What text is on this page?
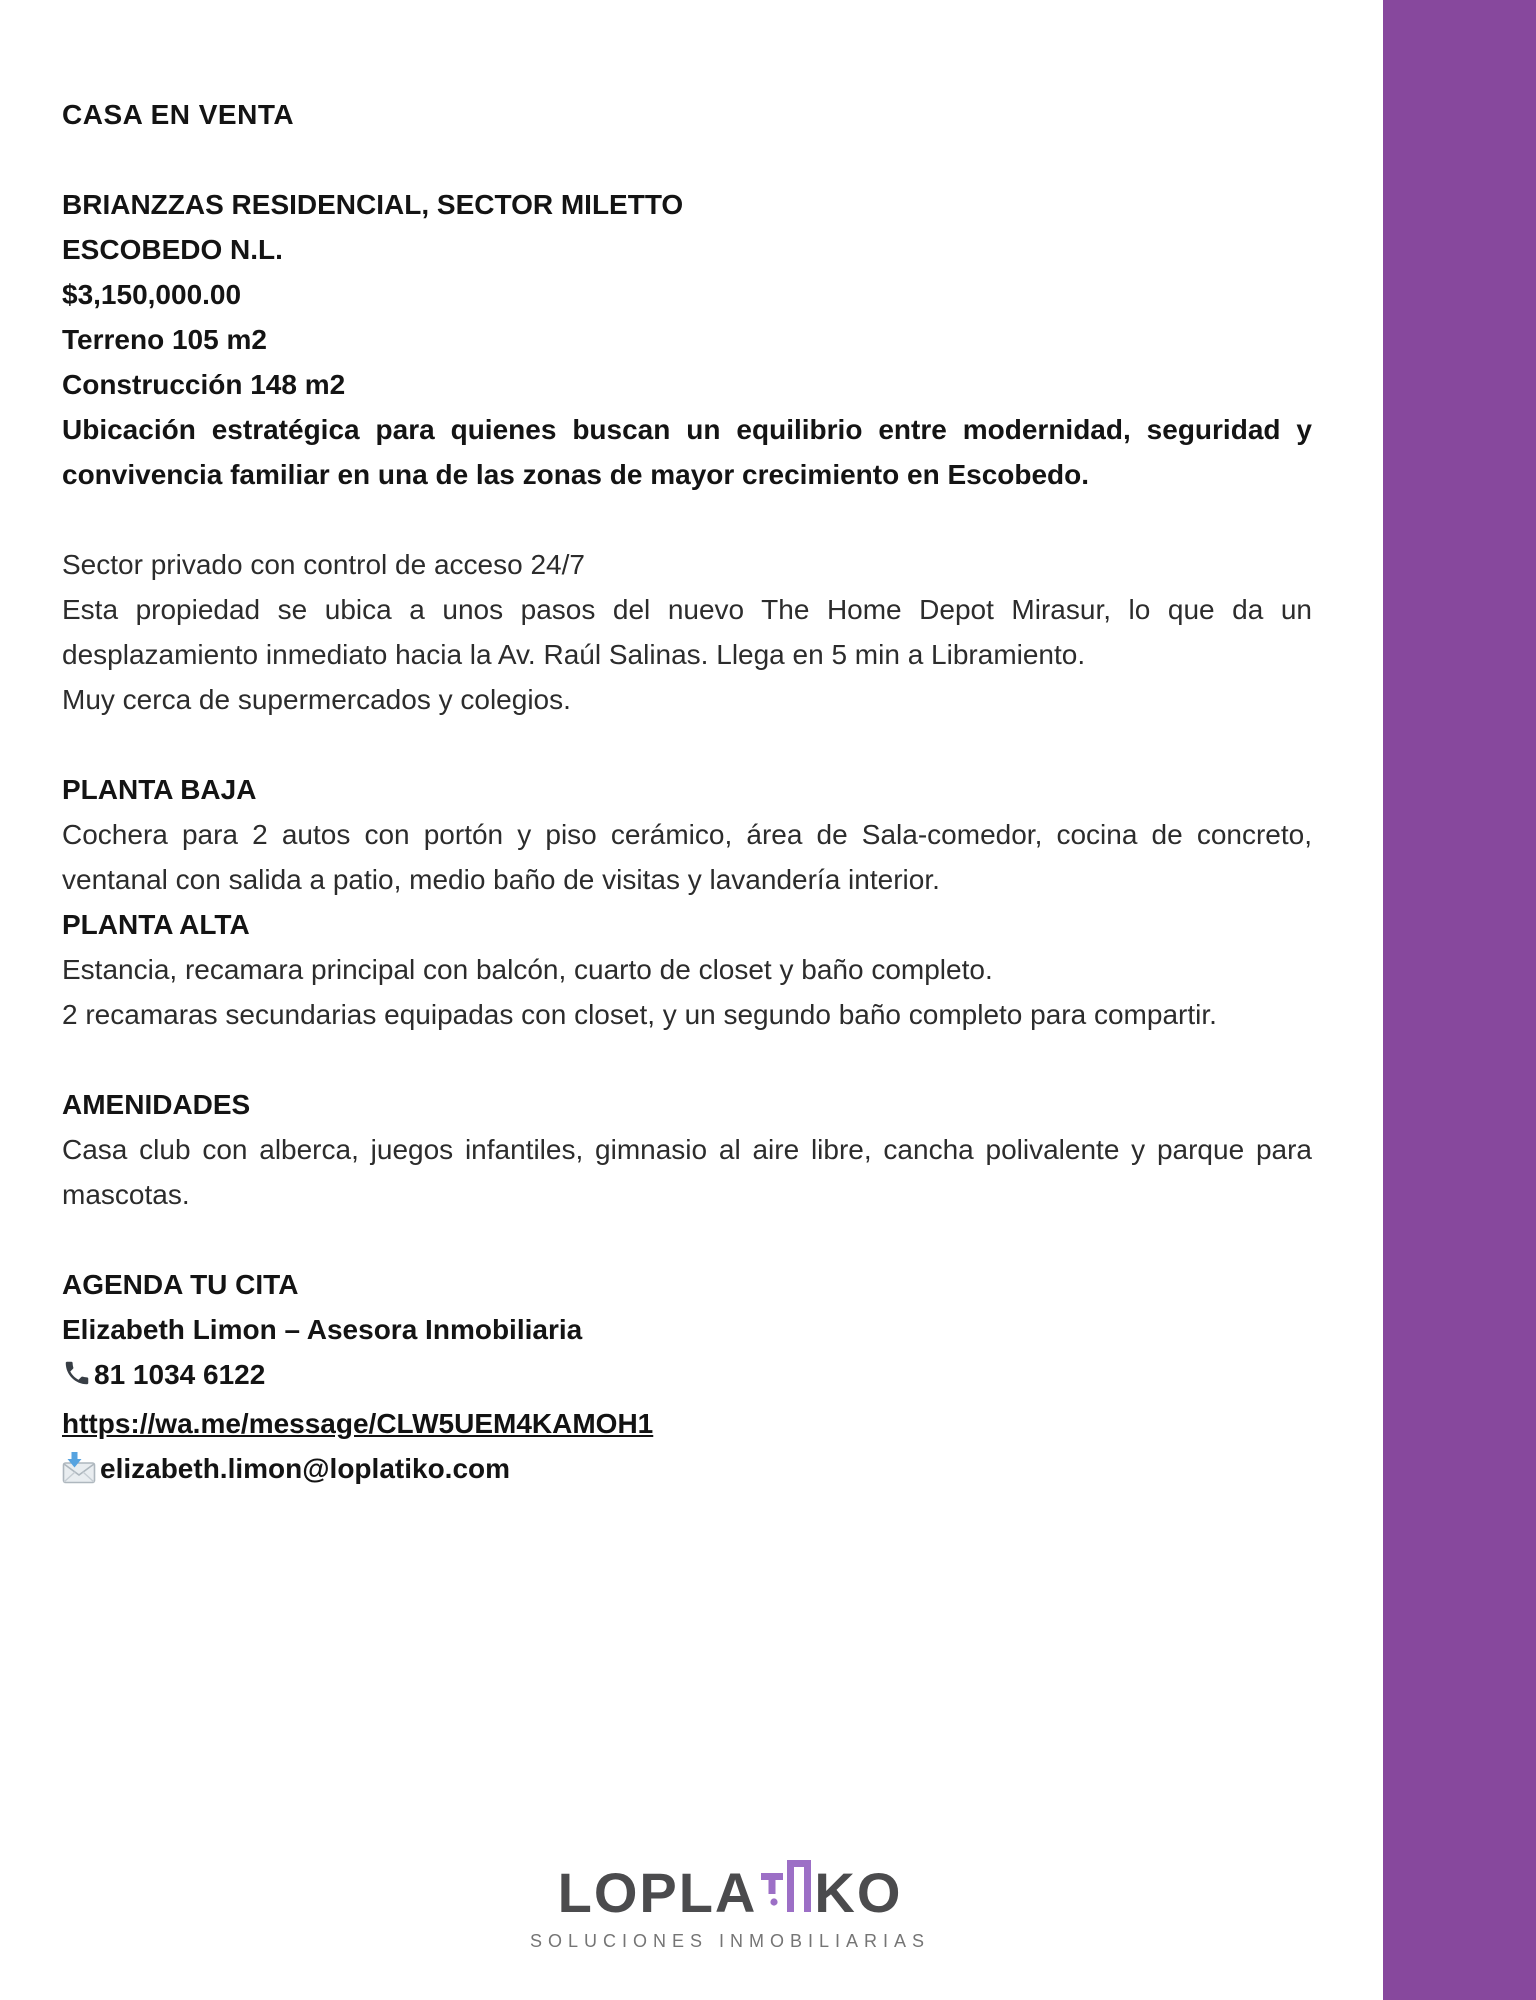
CASA EN VENTA

BRIANZZAS RESIDENCIAL, SECTOR MILETTO

ESCOBEDO N.L.

$3,150,000.00

Terreno 105 m2

Construcción 148 m2

Ubicación estratégica para quienes buscan un equilibrio entre modernidad, seguridad y convivencia familiar en una de las zonas de mayor crecimiento en Escobedo.

Sector privado con control de acceso 24/7

Esta propiedad se ubica a unos pasos del nuevo The Home Depot Mirasur, lo que da un desplazamiento inmediato hacia la Av. Raúl Salinas. Llega en 5 min a Libramiento.

Muy cerca de supermercados y colegios.

PLANTA BAJA

Cochera para 2 autos con portón y piso cerámico, área de Sala-comedor, cocina de concreto, ventanal con salida a patio, medio baño de visitas y lavandería interior.

PLANTA ALTA

Estancia, recamara principal con balcón, cuarto de closet y baño completo.

2 recamaras secundarias equipadas con closet, y un segundo baño completo para compartir.

AMENIDADES

Casa club con alberca, juegos infantiles, gimnasio al aire libre, cancha polivalente y parque para mascotas.

AGENDA TU CITA

Elizabeth Limon – Asesora Inmobiliaria

81 1034 6122

https://wa.me/message/CLW5UEM4KAMOH1

elizabeth.limon@loplatiko.com

LOPLA KO
SOLUCIONES INMOBILIARIAS
